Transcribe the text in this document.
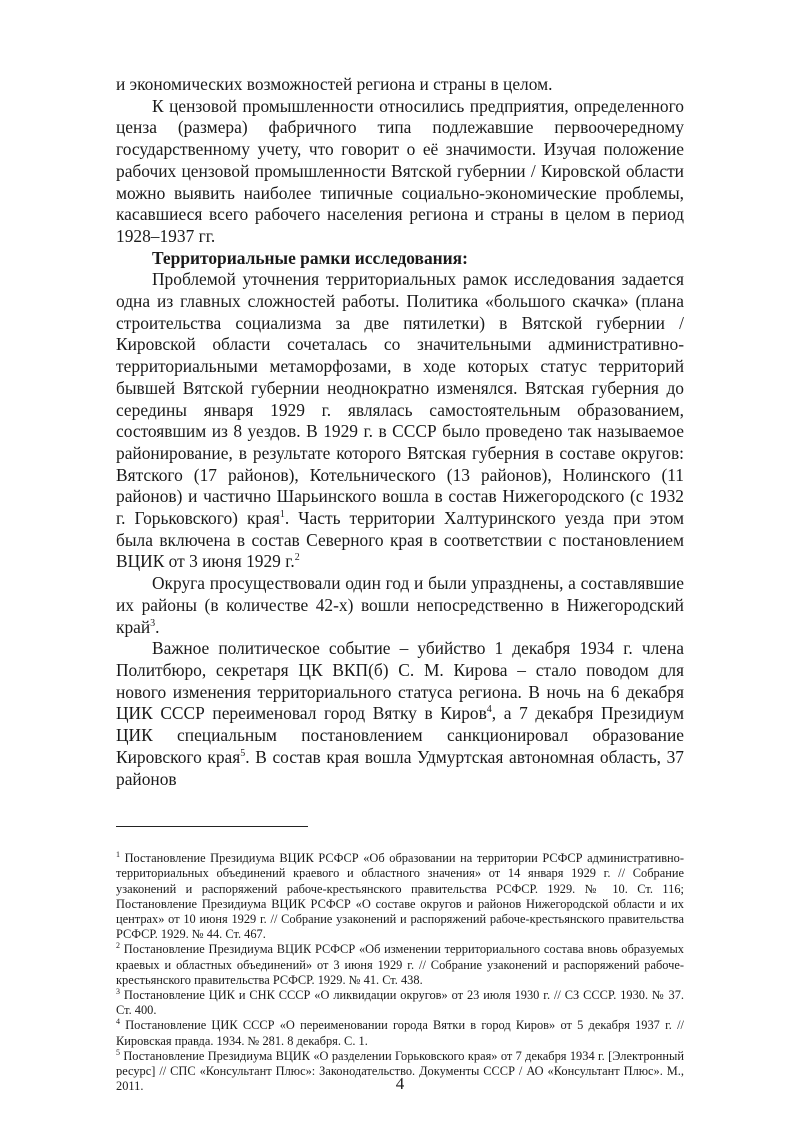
и экономических возможностей региона и страны в целом.

К цензовой промышленности относились предприятия, определенного ценза (размера) фабричного типа подлежавшие первоочередному государственному учету, что говорит о её значимости. Изучая положение рабочих цензовой промышленности Вятской губернии / Кировской области можно выявить наиболее типичные социально-экономические проблемы, касавшиеся всего рабочего населения региона и страны в целом в период 1928–1937 гг.

Территориальные рамки исследования:

Проблемой уточнения территориальных рамок исследования задается одна из главных сложностей работы. Политика «большого скачка» (плана строительства социализма за две пятилетки) в Вятской губернии / Кировской области сочеталась со значительными административно-территориальными метаморфозами, в ходе которых статус территорий бывшей Вятской губернии неоднократно изменялся. Вятская губерния до середины января 1929 г. являлась самостоятельным образованием, состоявшим из 8 уездов. В 1929 г. в СССР было проведено так называемое районирование, в результате которого Вятская губерния в составе округов: Вятского (17 районов), Котельнического (13 районов), Нолинского (11 районов) и частично Шарьинского вошла в состав Нижегородского (с 1932 г. Горьковского) края$^1$. Часть территории Халтуринского уезда при этом была включена в состав Северного края в соответствии с постановлением ВЦИК от 3 июня 1929 г.$^2$

Округа просуществовали один год и были упразднены, а составлявшие их районы (в количестве 42-х) вошли непосредственно в Нижегородский край$^3$.

Важное политическое событие – убийство 1 декабря 1934 г. члена Политбюро, секретаря ЦК ВКП(б) С. М. Кирова – стало поводом для нового изменения территориального статуса региона. В ночь на 6 декабря ЦИК СССР переименовал город Вятку в Киров$^4$, а 7 декабря Президиум ЦИК специальным постановлением санкционировал образование Кировского края$^5$. В состав края вошла Удмуртская автономная область, 37 районов

$^1$ Постановление Президиума ВЦИК РСФСР «Об образовании на территории РСФСР административно-территориальных объединений краевого и областного значения» от 14 января 1929 г. // Собрание узаконений и распоряжений рабоче-крестьянского правительства РСФСР. 1929. № 10. Ст. 116; Постановление Президиума ВЦИК РСФСР «О составе округов и районов Нижегородской области и их центрах» от 10 июня 1929 г. // Собрание узаконений и распоряжений рабоче-крестьянского правительства РСФСР. 1929. № 44. Ст. 467.

$^2$ Постановление Президиума ВЦИК РСФСР «Об изменении территориального состава вновь образуемых краевых и областных объединений» от 3 июня 1929 г. // Собрание узаконений и распоряжений рабоче-крестьянского правительства РСФСР. 1929. № 41. Ст. 438.

$^3$ Постановление ЦИК и СНК СССР «О ликвидации округов» от 23 июля 1930 г. // СЗ СССР. 1930. № 37. Ст. 400.

$^4$ Постановление ЦИК СССР «О переименовании города Вятки в город Киров» от 5 декабря 1937 г. // Кировская правда. 1934. № 281. 8 декабря. С. 1.

$^5$ Постановление Президиума ВЦИК «О разделении Горьковского края» от 7 декабря 1934 г. [Электронный ресурс] // СПС «Консультант Плюс»: Законодательство. Документы СССР / АО «Консультант Плюс». М., 2011.	4
